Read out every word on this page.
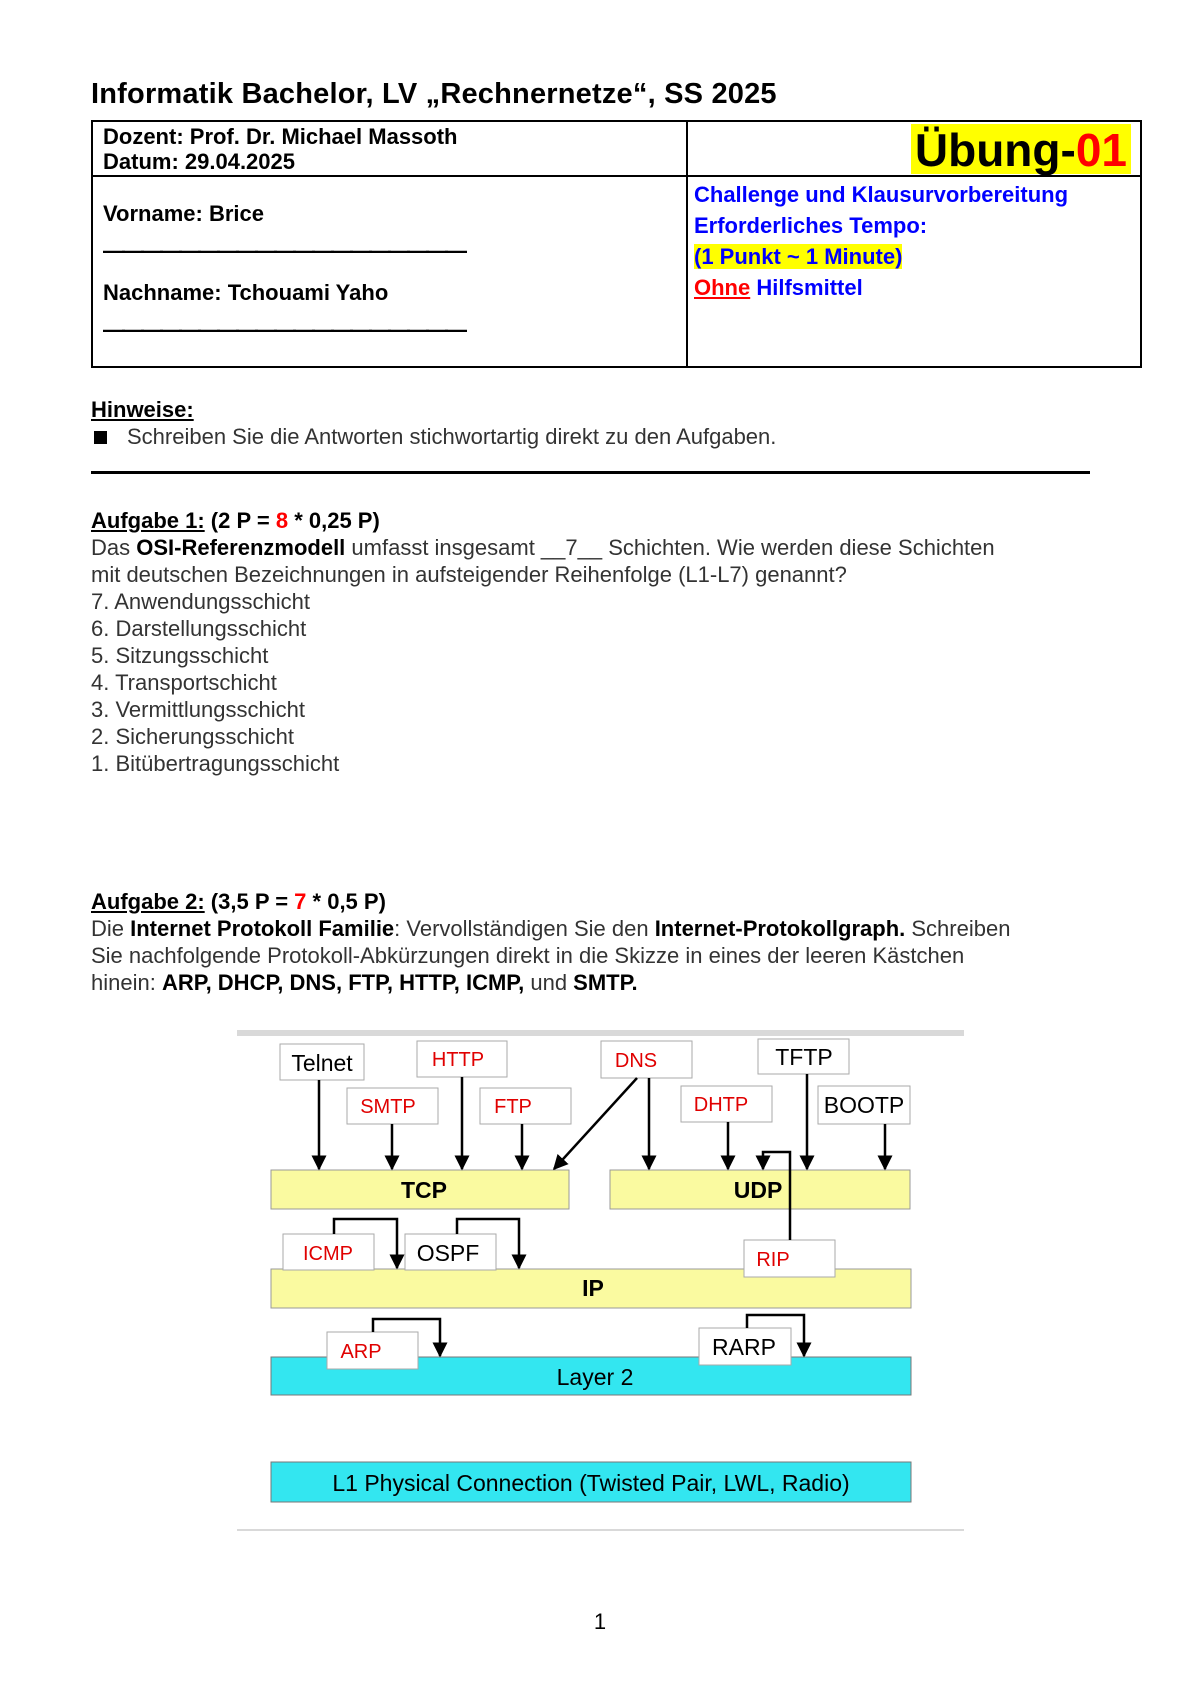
Informatik Bachelor, LV „Rechnernetze“, SS 2025
Dozent: Prof. Dr. Michael Massoth
Datum: 29.04.2025	Übung-01
Vorname: Brice
———————————————————
Nachname: Tchouami Yaho
———————————————————
Challenge und Klausurvorbereitung
Erforderliches Tempo:
(1 Punkt ~ 1 Minute)
Ohne Hilfsmittel
Hinweise:
Schreiben Sie die Antworten stichwortartig direkt zu den Aufgaben.
Aufgabe 1: (2 P = 8 * 0,25 P)
Das OSI-Referenzmodell umfasst insgesamt __7__ Schichten. Wie werden diese Schichten
mit deutschen Bezeichnungen in aufsteigender Reihenfolge (L1-L7) genannt?
7. Anwendungsschicht
6. Darstellungsschicht
5. Sitzungsschicht
4. Transportschicht
3. Vermittlungsschicht
2. Sicherungsschicht
1. Bitübertragungsschicht
Aufgabe 2: (3,5 P = 7 * 0,5 P)
Die Internet Protokoll Familie: Vervollständigen Sie den Internet-Protokollgraph. Schreiben
Sie nachfolgende Protokoll-Abkürzungen direkt in die Skizze in eines der leeren Kästchen
hinein: ARP, DHCP, DNS, FTP, HTTP, ICMP, und SMTP.
TCP	UDP
IP
Layer 2
L1 Physical Connection (Twisted Pair, LWL, Radio)
Telnet	HTTP	DNS	TFTP
SMTP	FTP	DHTP	BOOTP
ICMP	OSPF	RIP
ARP	RARP
1
